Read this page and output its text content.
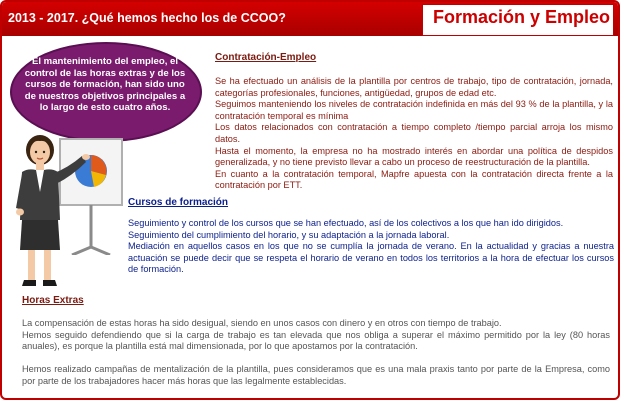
2013 - 2017. ¿Qué hemos hecho los de CCOO?	Formación y Empleo
El mantenimiento del empleo, el control de las horas extras y de los cursos de formación, han sido uno de nuestros objetivos principales a lo largo de esto cuatro años.
Contratación-Empleo

Se ha efectuado un análisis de la plantilla por centros de trabajo, tipo de contratación, jornada, categorías profesionales, funciones, antigüedad, grupos de edad etc.

Seguimos manteniendo los niveles de contratación indefinida en más del 93 % de la plantilla, y la contratación temporal es mínima

Los datos relacionados con contratación a tiempo completo /tiempo parcial arroja los mismo datos.

Hasta el momento, la empresa no ha mostrado interés en abordar una política de despidos generalizada, y no tiene previsto llevar a cabo un proceso de reestructuración de la plantilla.

En cuanto a la contratación temporal, Mapfre apuesta con la contratación directa frente a la contratación por ETT.

Cursos de formación

Seguimiento y control de los cursos que se han efectuado, así de los colectivos a los que han ido dirigidos.

Seguimiento del cumplimiento del horario, y su adaptación a la jornada laboral.

Mediación en aquellos casos en los que no se cumplía la jornada de verano. En la actualidad y gracias a nuestra actuación se puede decir que se respeta el horario de verano en todos los territorios a la hora de efectuar los cursos de formación.

Horas Extras

La compensación de estas horas ha sido desigual, siendo en unos casos con dinero y en otros con tiempo de trabajo.

Hemos seguido defendiendo que si la carga de trabajo es tan elevada que nos obliga a superar el máximo permitido por la ley (80 horas anuales), es porque la plantilla está mal dimensionada, por lo que apostamos por la contratación.

Hemos realizado campañas de mentalización de la plantilla, pues consideramos que es una mala praxis tanto por parte de la Empresa, como por parte de los trabajadores hacer más horas que las legalmente establecidas.
